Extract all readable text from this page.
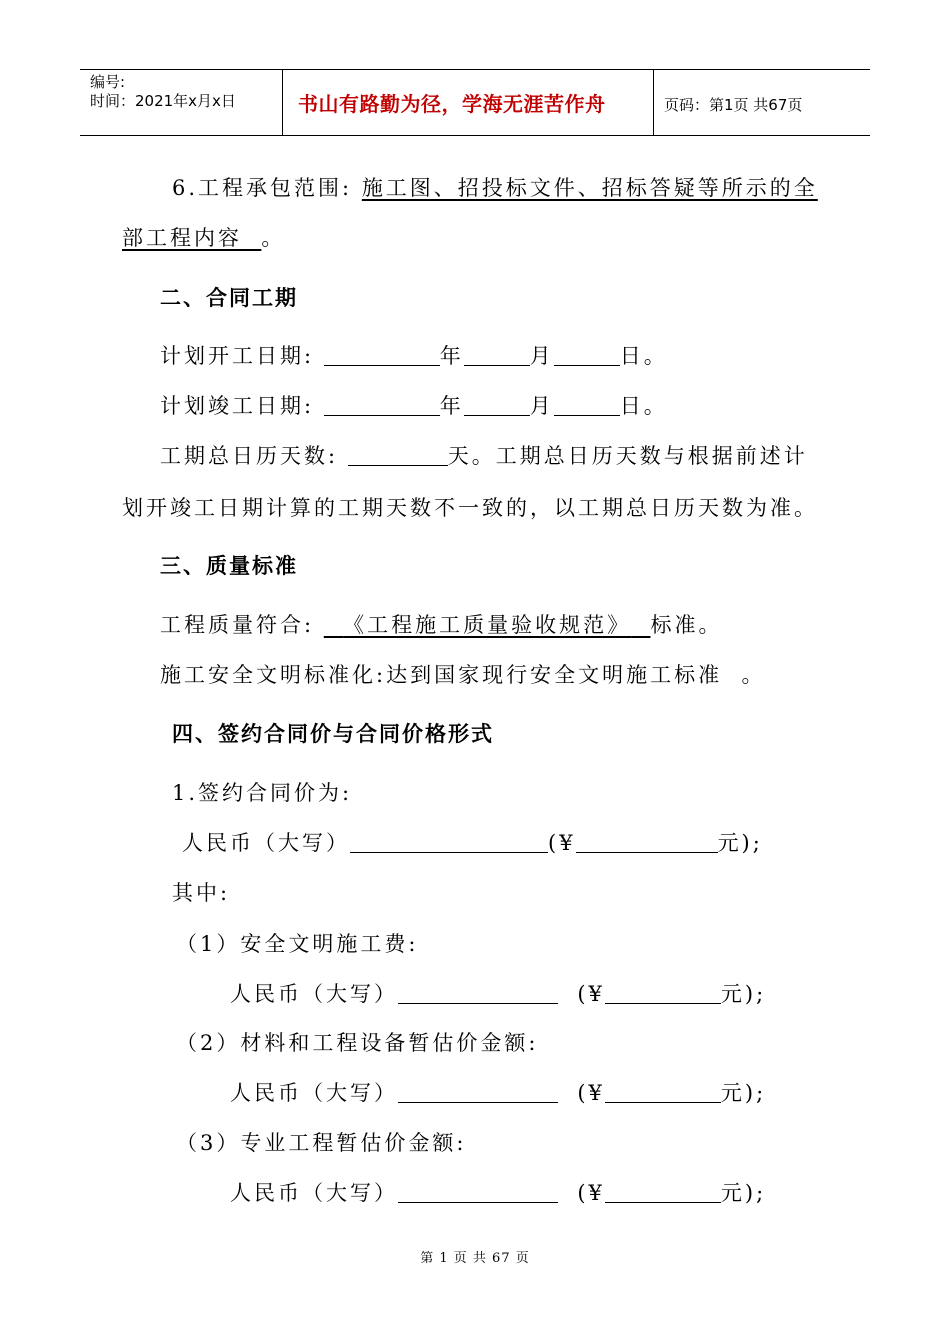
编号:
时间：2021年x月x日	书山有路勤为径，学海无涯苦作舟	页码：第1页 共67页
6.工程承包范围: 施工图、招投标文件、招标答疑等所示的全
部工程内容 。
二、合同工期
计划开工日期:	年	月	日。
计划竣工日期:	年	月	日。
工期总日历天数:	天。工期总日历天数与根据前述计
划开竣工日期计算的工期天数不一致的，以工期总日历天数为准。
三、质量标准
工程质量符合: 《工程施工质量验收规范》 标准。
施工安全文明标准化:达到国家现行安全文明施工标准 。
四、签约合同价与合同价格形式
1.签约合同价为:
人民币（大写）	(¥	元);
其中:
（1）安全文明施工费:
人民币（大写）	(¥	元);
（2）材料和工程设备暂估价金额:
人民币（大写）	(¥	元);
（3）专业工程暂估价金额:
人民币（大写）	(¥	元);
第 1 页 共 67 页
